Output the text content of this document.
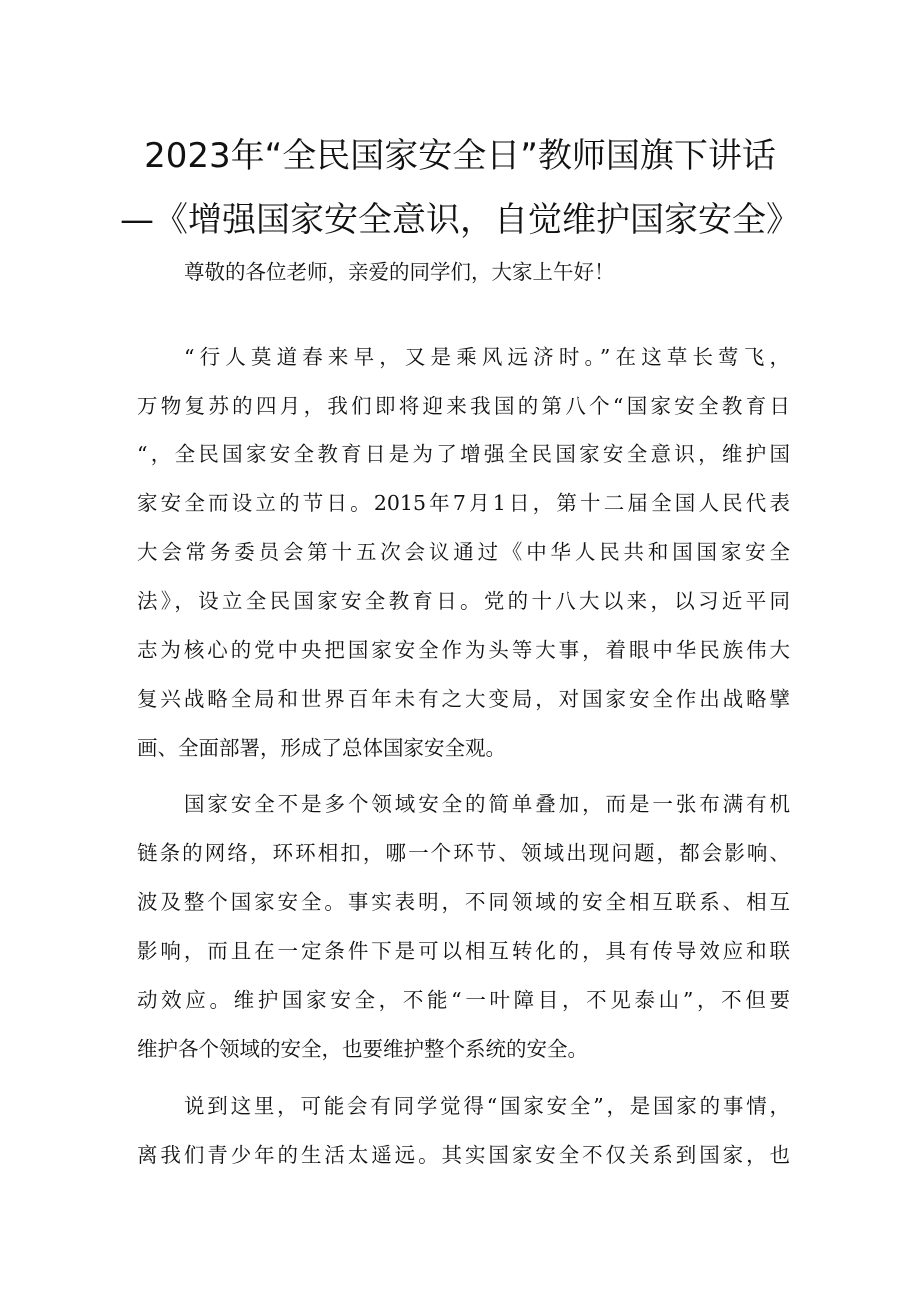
2023年“全民国家安全日”教师国旗下讲话
—《增强国家安全意识，自觉维护国家安全》

尊敬的各位老师，亲爱的同学们，大家上午好！

“行人莫道春来早，又是乘风远济时。”在这草长莺飞，

万物复苏的四月，我们即将迎来我国的第八个“国家安全教育日

“，全民国家安全教育日是为了增强全民国家安全意识，维护国

家安全而设立的节日。2015年7月1日，第十二届全国人民代表

大会常务委员会第十五次会议通过《中华人民共和国国家安全

法》，设立全民国家安全教育日。党的十八大以来，以习近平同

志为核心的党中央把国家安全作为头等大事，着眼中华民族伟大

复兴战略全局和世界百年未有之大变局，对国家安全作出战略擘

画、全面部署，形成了总体国家安全观。

国家安全不是多个领域安全的简单叠加，而是一张布满有机

链条的网络，环环相扣，哪一个环节、领域出现问题，都会影响、

波及整个国家安全。事实表明，不同领域的安全相互联系、相互

影响，而且在一定条件下是可以相互转化的，具有传导效应和联

动效应。维护国家安全，不能“一叶障目，不见泰山”，不但要

维护各个领域的安全，也要维护整个系统的安全。

说到这里，可能会有同学觉得“国家安全”，是国家的事情，

离我们青少年的生活太遥远。其实国家安全不仅关系到国家，也
